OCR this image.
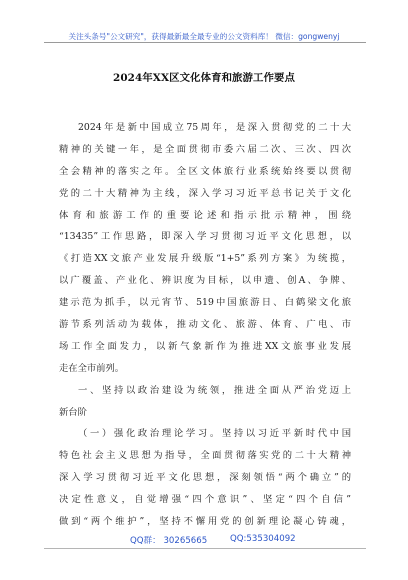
关注头条号"公文研究"，获得最新最全最专业的公文资料库！ 微信：gongwenyj
2024年XX区文化体育和旅游工作要点
2024年是新中国成立75周年，是深入贯彻党的二十大
精神的关键一年，是全面贯彻市委六届二次、三次、四次
全会精神的落实之年。全区文体旅行业系统始终要以贯彻
党的二十大精神为主线，深入学习习近平总书记关于文化
体育和旅游工作的重要论述和指示批示精神，围绕
“13435”工作思路，即深入学习贯彻习近平文化思想，以
《打造XX文旅产业发展升级版“1+5”系列方案》为统揽，
以广覆盖、产业化、辨识度为目标，以申遗、创A、争牌、
建示范为抓手，以元宵节、519中国旅游日、白鹤梁文化旅
游节系列活动为载体，推动文化、旅游、体育、广电、市
场工作全面发力，以新气象新作为推进XX文旅事业发展
走在全市前列。
一、坚持以政治建设为统领，推进全面从严治党迈上
新台阶
（一）强化政治理论学习。坚持以习近平新时代中国
特色社会主义思想为指导，全面贯彻落实党的二十大精神
深入学习贯彻习近平文化思想，深刻领悟“两个确立”的
决定性意义，自觉增强“四个意识”、坚定“四个自信”
做到“两个维护”，坚持不懈用党的创新理论凝心铸魂，
QQ群： 30265665	QQ:535304092
